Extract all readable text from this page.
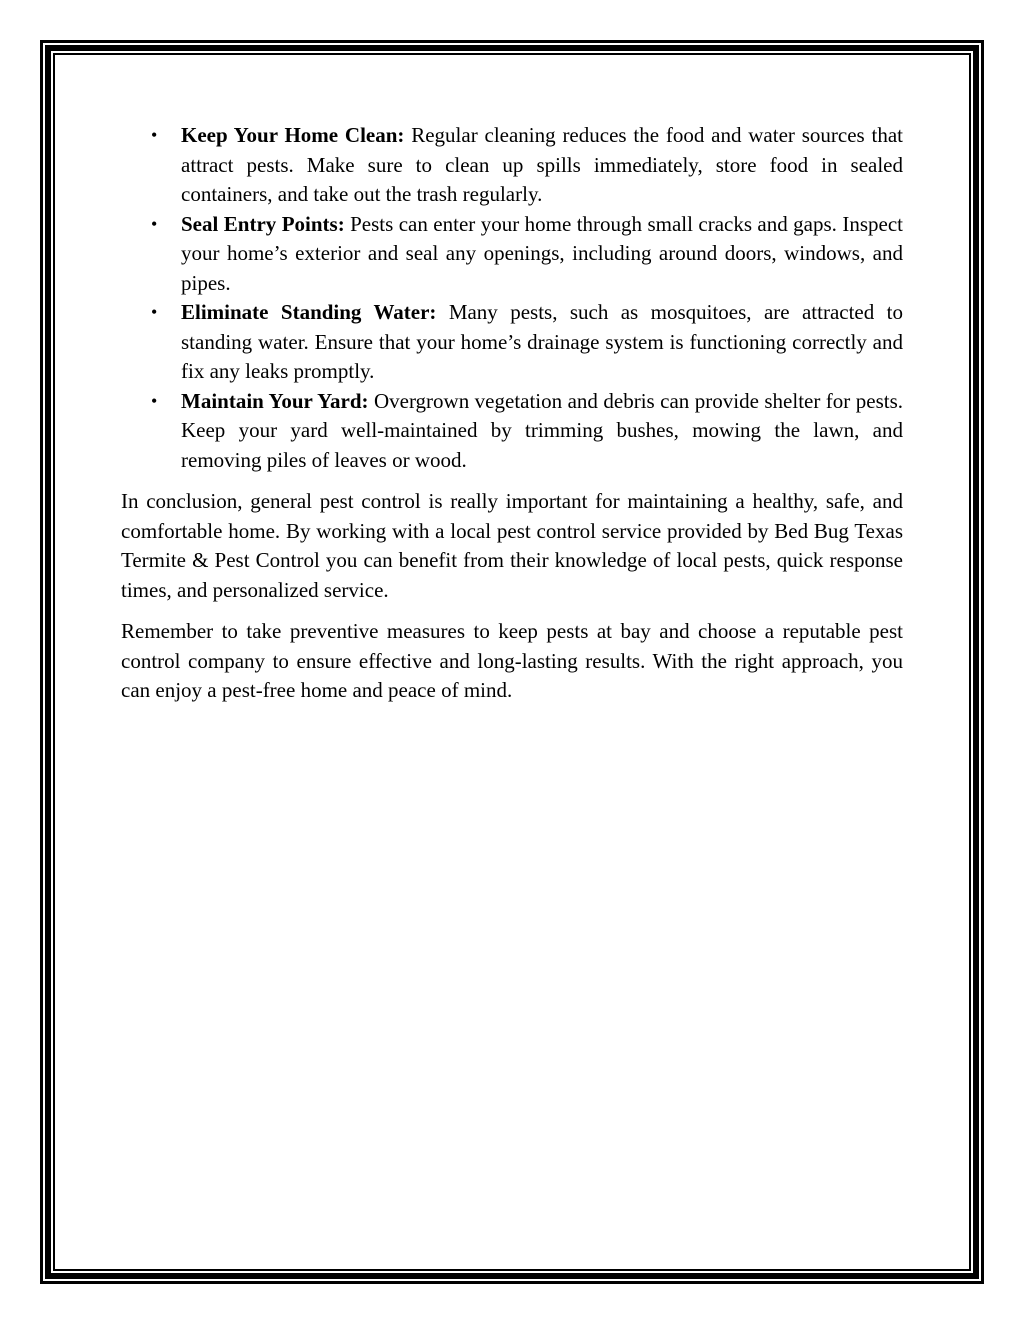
• Keep Your Home Clean: Regular cleaning reduces the food and water sources that attract pests. Make sure to clean up spills immediately, store food in sealed containers, and take out the trash regularly.
• Seal Entry Points: Pests can enter your home through small cracks and gaps. Inspect your home’s exterior and seal any openings, including around doors, windows, and pipes.
• Eliminate Standing Water: Many pests, such as mosquitoes, are attracted to standing water. Ensure that your home’s drainage system is functioning correctly and fix any leaks promptly.
• Maintain Your Yard: Overgrown vegetation and debris can provide shelter for pests. Keep your yard well-maintained by trimming bushes, mowing the lawn, and removing piles of leaves or wood.

In conclusion, general pest control is really important for maintaining a healthy, safe, and comfortable home. By working with a local pest control service provided by Bed Bug Texas Termite & Pest Control you can benefit from their knowledge of local pests, quick response times, and personalized service.

Remember to take preventive measures to keep pests at bay and choose a reputable pest control company to ensure effective and long-lasting results. With the right approach, you can enjoy a pest-free home and peace of mind.
